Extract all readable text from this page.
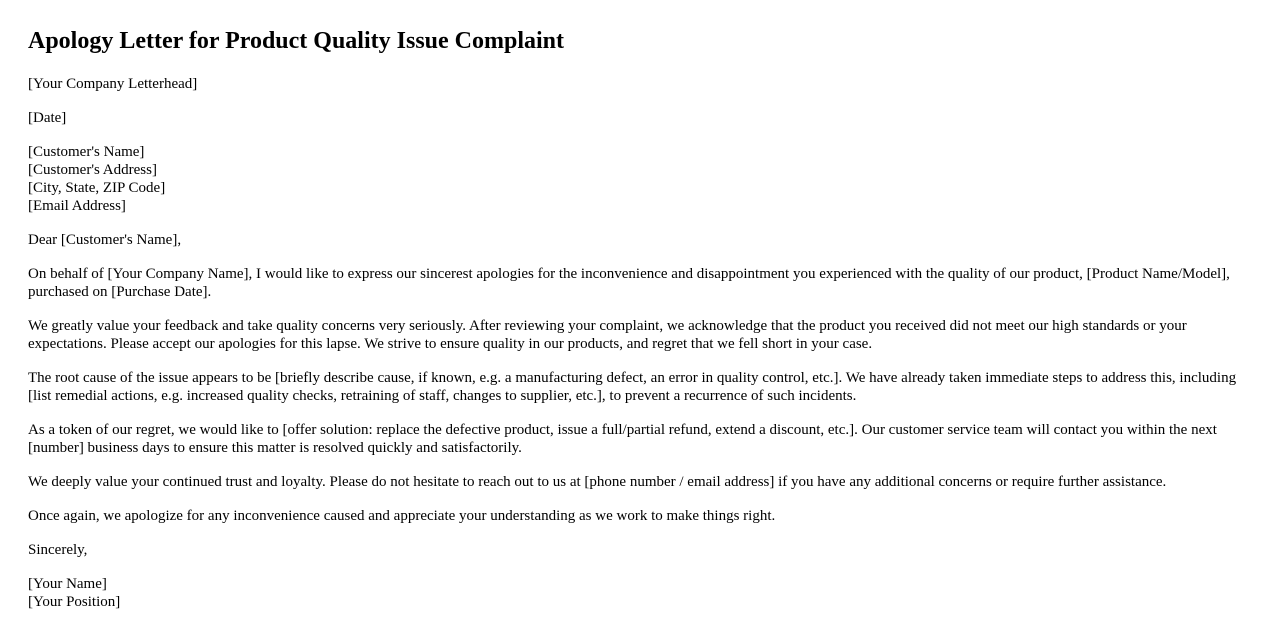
Apology Letter for Product Quality Issue Complaint

[Your Company Letterhead]

[Date]

[Customer's Name]
[Customer's Address]
[City, State, ZIP Code]
[Email Address]

Dear [Customer's Name],

On behalf of [Your Company Name], I would like to express our sincerest apologies for the inconvenience and disappointment you experienced with the quality of our product, [Product Name/Model], purchased on [Purchase Date].

We greatly value your feedback and take quality concerns very seriously. After reviewing your complaint, we acknowledge that the product you received did not meet our high standards or your expectations. Please accept our apologies for this lapse. We strive to ensure quality in our products, and regret that we fell short in your case.

The root cause of the issue appears to be [briefly describe cause, if known, e.g. a manufacturing defect, an error in quality control, etc.]. We have already taken immediate steps to address this, including [list remedial actions, e.g. increased quality checks, retraining of staff, changes to supplier, etc.], to prevent a recurrence of such incidents.

As a token of our regret, we would like to [offer solution: replace the defective product, issue a full/partial refund, extend a discount, etc.]. Our customer service team will contact you within the next [number] business days to ensure this matter is resolved quickly and satisfactorily.

We deeply value your continued trust and loyalty. Please do not hesitate to reach out to us at [phone number / email address] if you have any additional concerns or require further assistance.

Once again, we apologize for any inconvenience caused and appreciate your understanding as we work to make things right.

Sincerely,

[Your Name]
[Your Position]
